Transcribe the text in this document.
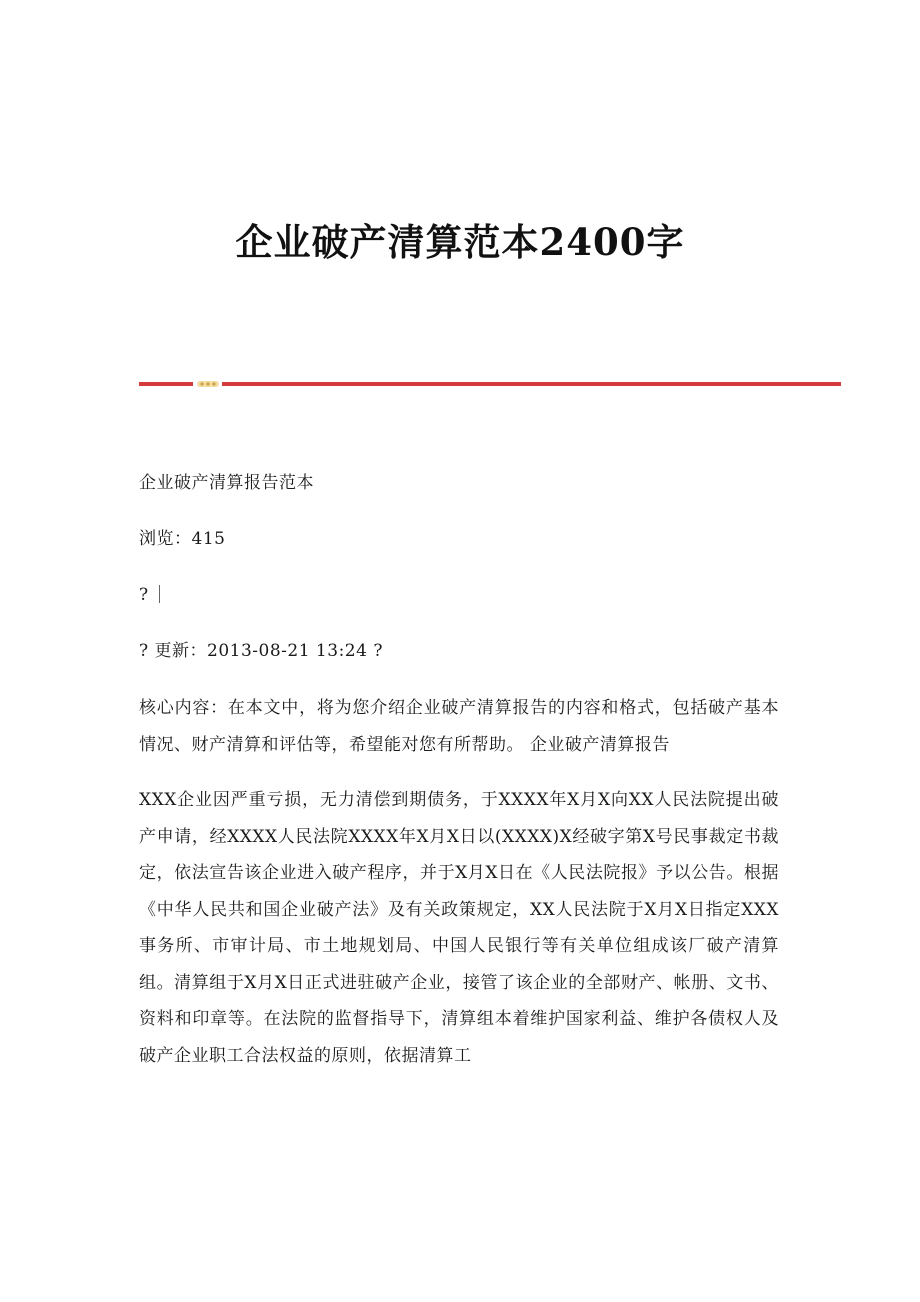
企业破产清算范本2400字

企业破产清算报告范本

浏览：415

?

? 更新：2013-08-21 13:24 ?

核心内容：在本文中，将为您介绍企业破产清算报告的内容和格式，包括破产基本情况、财产清算和评估等，希望能对您有所帮助。 企业破产清算报告

XXX企业因严重亏损，无力清偿到期债务，于XXXX年X月X向XX人民法院提出破产申请，经XXXX人民法院XXXX年X月X日以(XXXX)X经破字第X号民事裁定书裁定，依法宣告该企业进入破产程序，并于X月X日在《人民法院报》予以公告。根据《中华人民共和国企业破产法》及有关政策规定，XX人民法院于X月X日指定XXX事务所、市审计局、市土地规划局、中国人民银行等有关单位组成该厂破产清算组。清算组于X月X日正式进驻破产企业，接管了该企业的全部财产、帐册、文书、资料和印章等。在法院的监督指导下，清算组本着维护国家利益、维护各债权人及破产企业职工合法权益的原则，依据清算工
